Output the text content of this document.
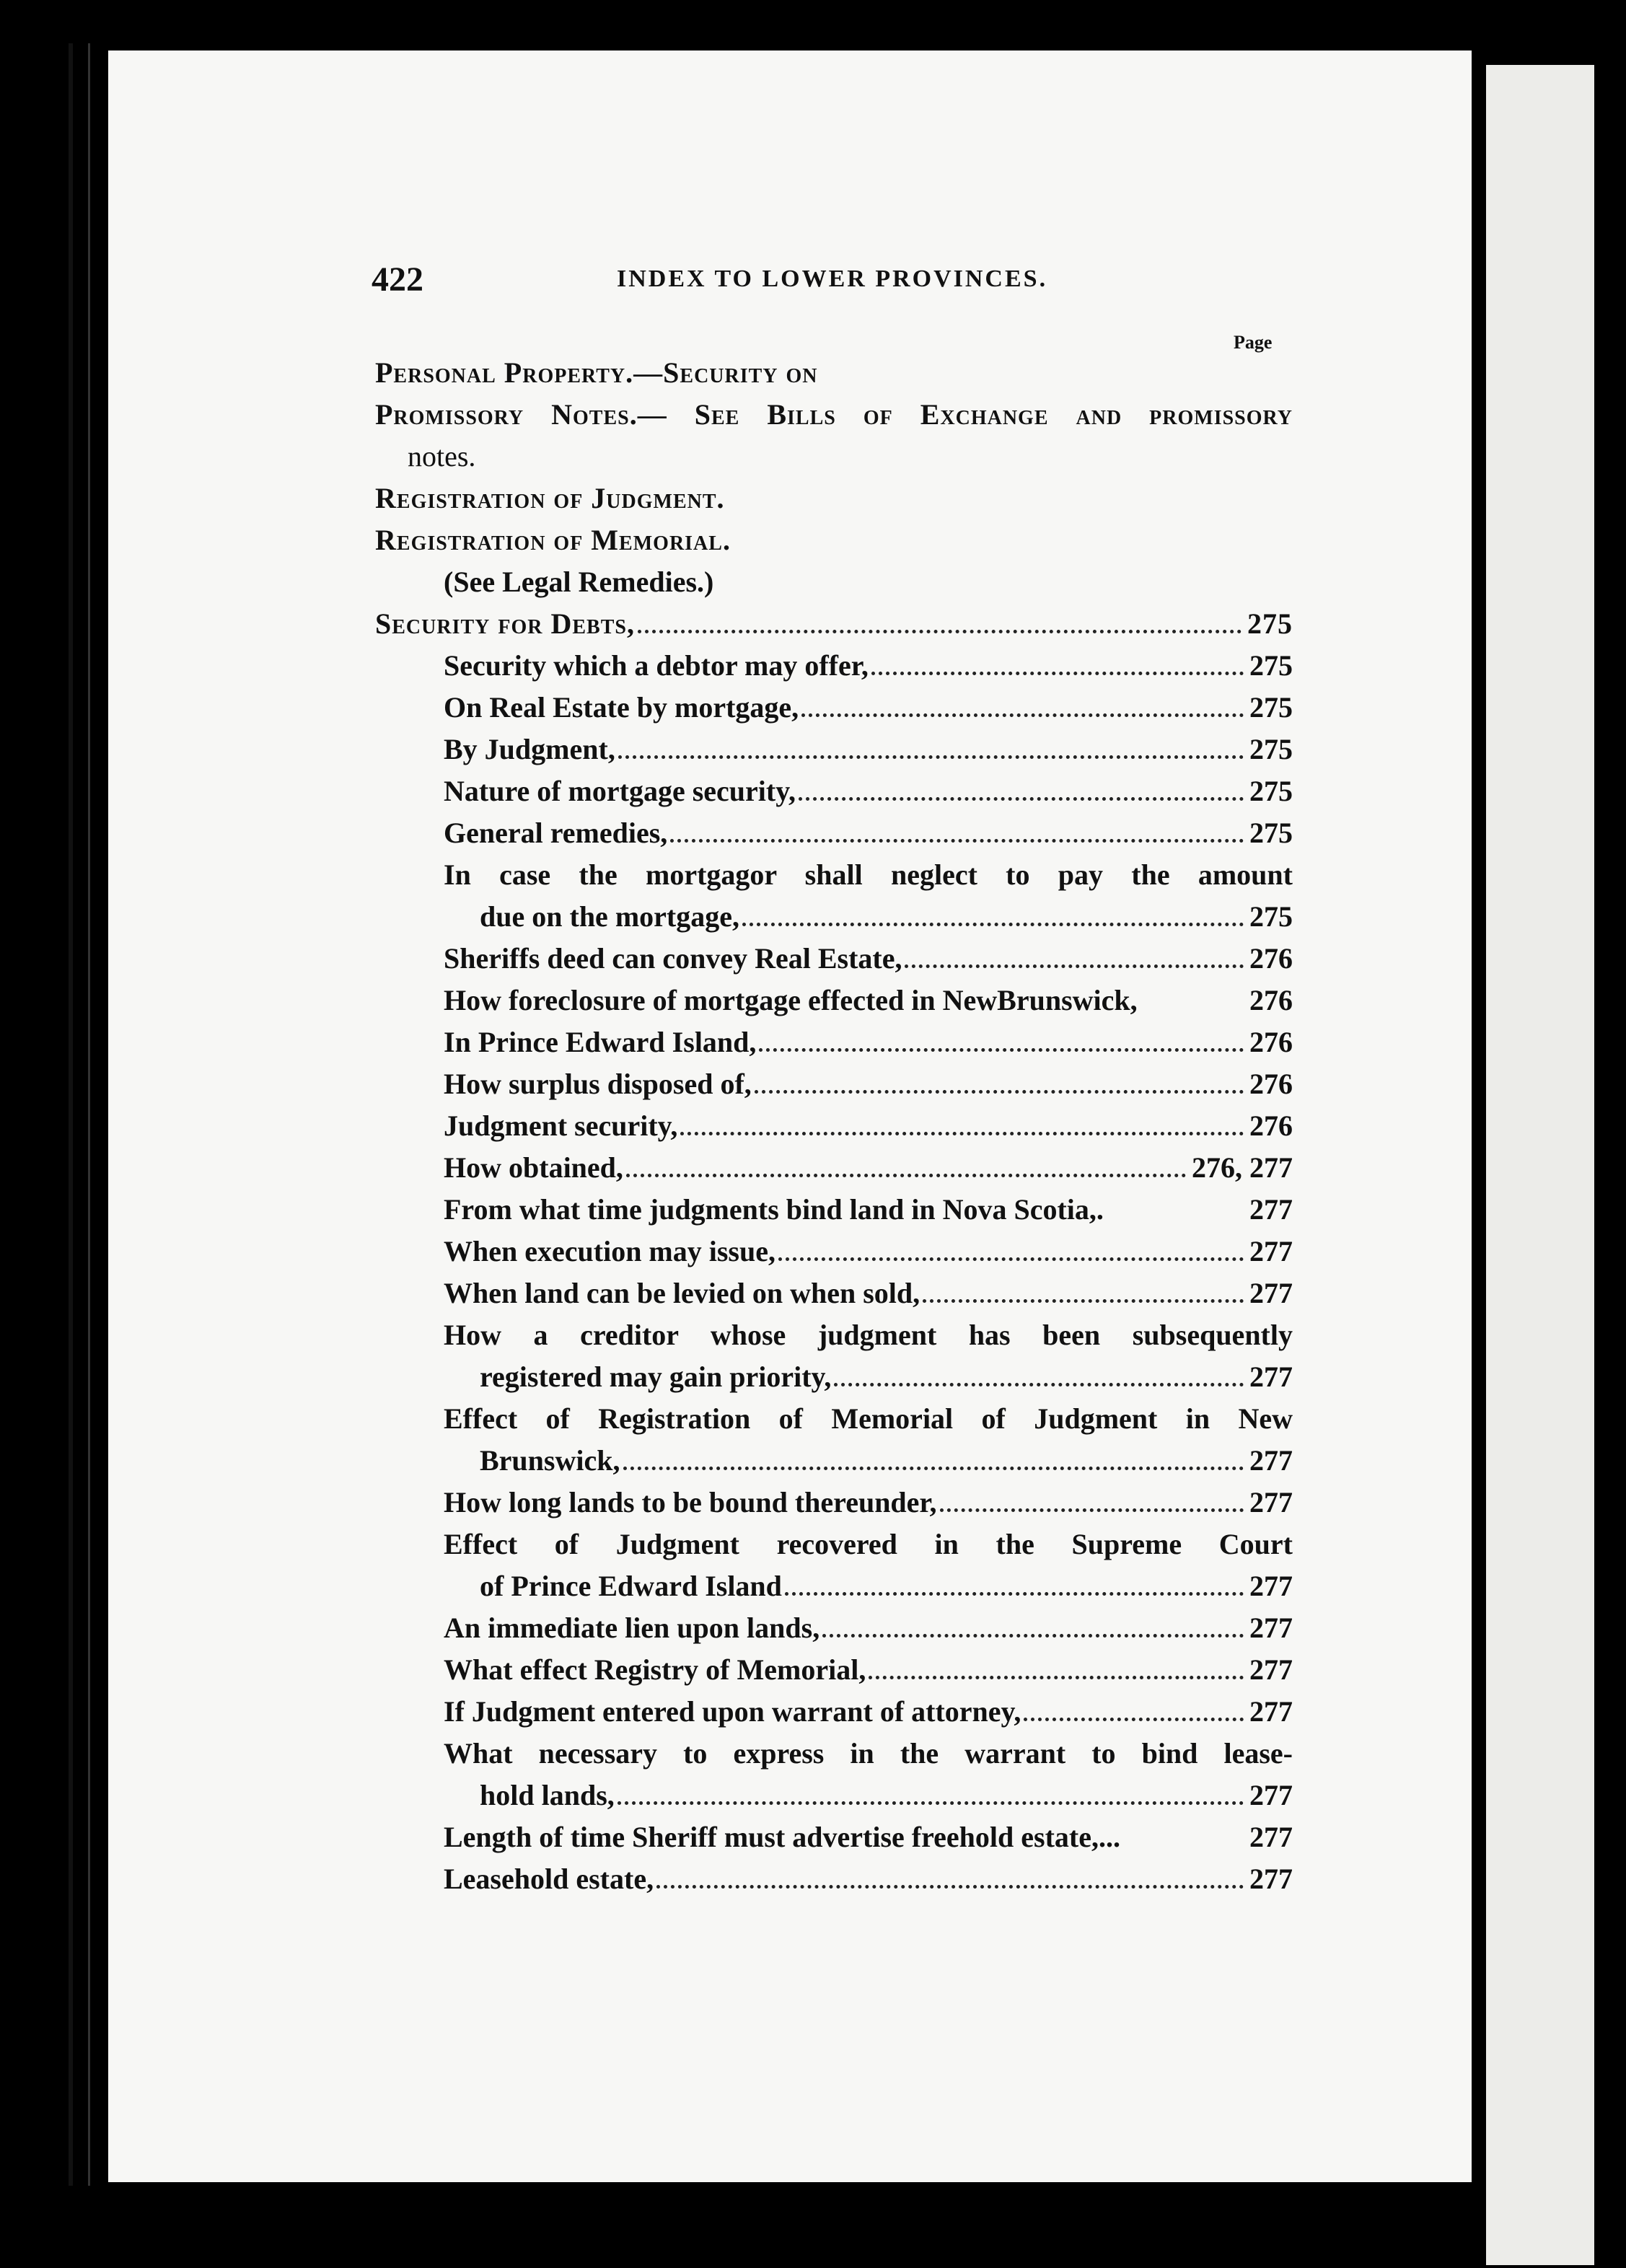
422	INDEX TO LOWER PROVINCES.
Page
Personal Property.—Security on
Promissory Notes.— See Bills of Exchange and promissory
notes.
Registration of Judgment.
Registration of Memorial.
(See Legal Remedies.)
Security for Debts,	275
Security which a debtor may offer,	275
On Real Estate by mortgage,	275
By Judgment,	275
Nature of mortgage security,	275
General remedies,	275
In case the mortgagor shall neglect to pay the amount
due on the mortgage,	275
Sheriffs deed can convey Real Estate,	276
How foreclosure of mortgage effected in NewBrunswick,	276
In Prince Edward Island,	276
How surplus disposed of,	276
Judgment security,	276
How obtained,	276, 277
From what time judgments bind land in Nova Scotia,.	277
When execution may issue,	277
When land can be levied on when sold,	277
How a creditor whose judgment has been subsequently
registered may gain priority,	277
Effect of Registration of Memorial of Judgment in New
Brunswick,	277
How long lands to be bound thereunder,	277
Effect of Judgment recovered in the Supreme Court
of Prince Edward Island	277
An immediate lien upon lands,	277
What effect Registry of Memorial,	277
If Judgment entered upon warrant of attorney,	277
What necessary to express in the warrant to bind lease-
hold lands,	277
Length of time Sheriff must advertise freehold estate,...	277
Leasehold estate,	277
